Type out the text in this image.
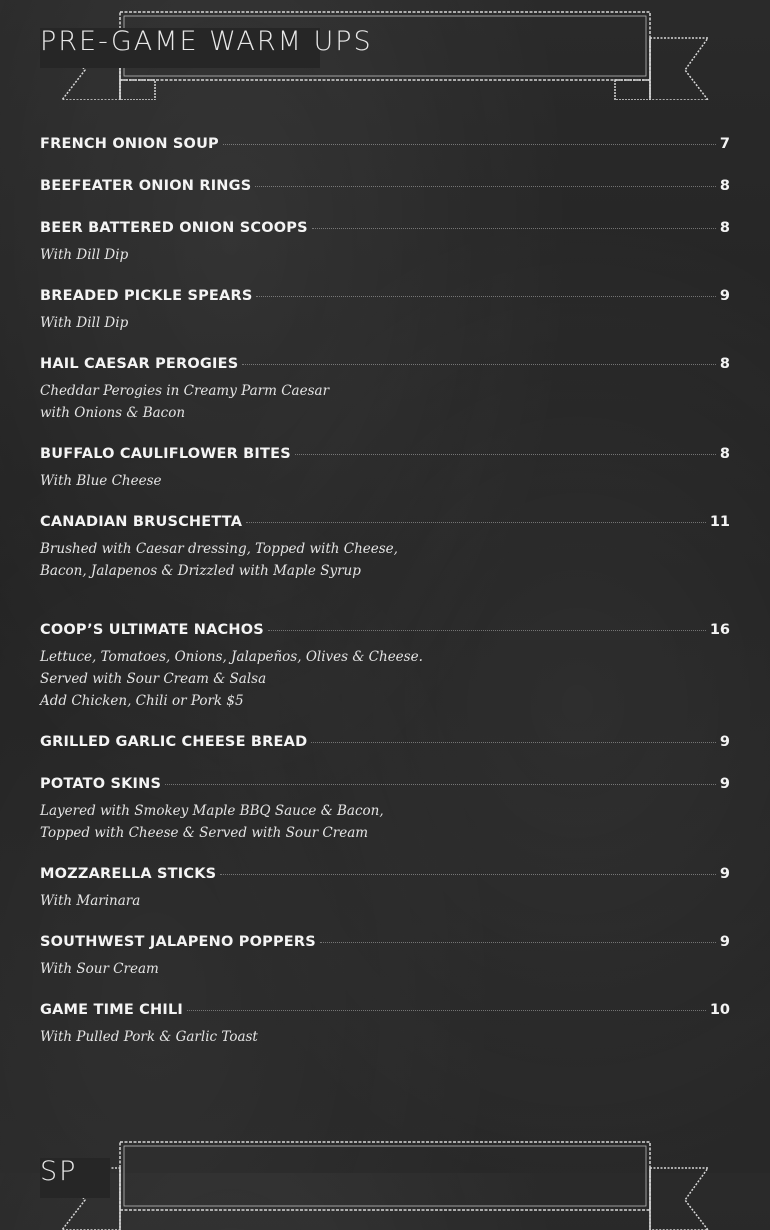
PRE-GAME WARM UPS
FRENCH ONION SOUP	7
BEEFEATER ONION RINGS	8
BEER BATTERED ONION SCOOPS	8
With Dill Dip
BREADED PICKLE SPEARS	9
With Dill Dip
HAIL CAESAR PEROGIES	8
Cheddar Perogies in Creamy Parm Caesar
with Onions & Bacon
BUFFALO CAULIFLOWER BITES	8
With Blue Cheese
CANADIAN BRUSCHETTA	11
Brushed with Caesar dressing, Topped with Cheese,
Bacon, Jalapenos & Drizzled with Maple Syrup
COOP’S ULTIMATE NACHOS	16
Lettuce, Tomatoes, Onions, Jalapeños, Olives & Cheese.
Served with Sour Cream & Salsa
Add Chicken, Chili or Pork $5
GRILLED GARLIC CHEESE BREAD	9
POTATO SKINS	9
Layered with Smokey Maple BBQ Sauce & Bacon,
Topped with Cheese & Served with Sour Cream
MOZZARELLA STICKS	9
With Marinara
SOUTHWEST JALAPENO POPPERS	9
With Sour Cream
GAME TIME CHILI	10
With Pulled Pork & Garlic Toast
SP
